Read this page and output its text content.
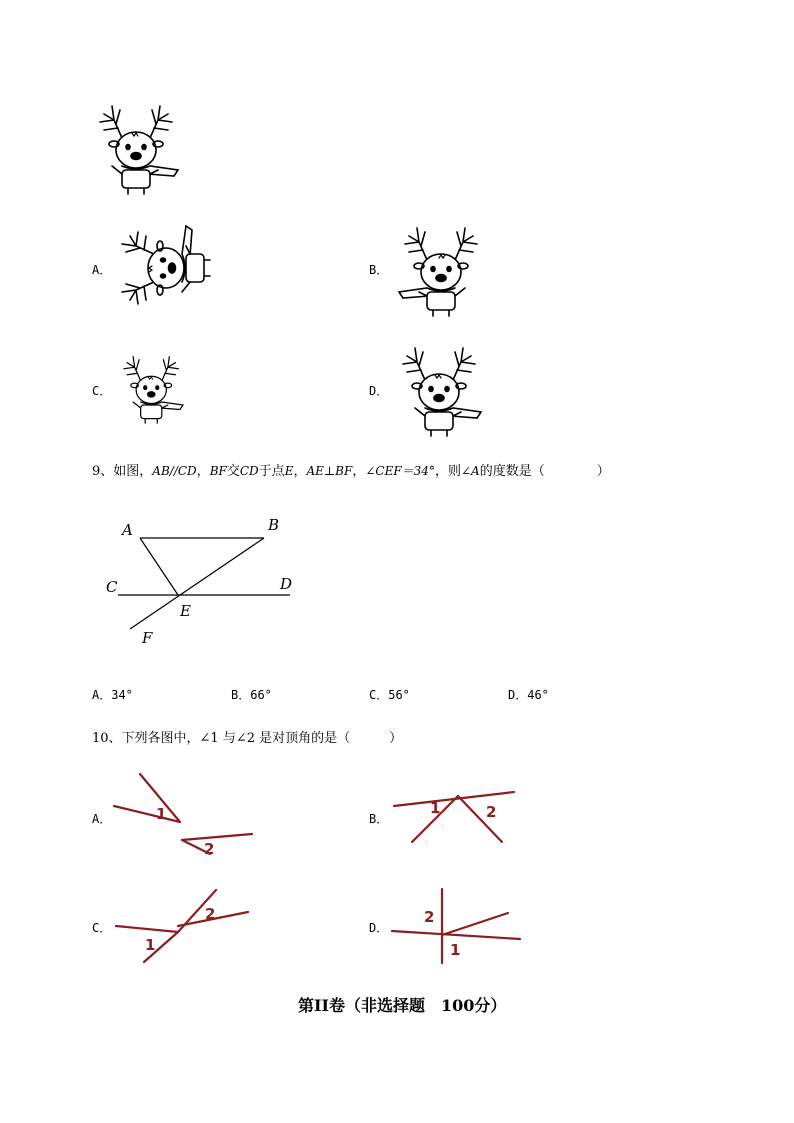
A．	B．
C．	D．
9、如图，AB//CD，BF交CD于点E，AE⊥BF，∠CEF＝34°，则∠A的度数是（　　　　）
A	B
C	D
E
F
A．34°	B．66°	C．56°	D．46°
10、下列各图中，∠1 与∠2 是对顶角的是（　　　）
A．	1
2
B．
1	2
C．
1
2
D．
2
1
第II卷（非选择题　100分）
